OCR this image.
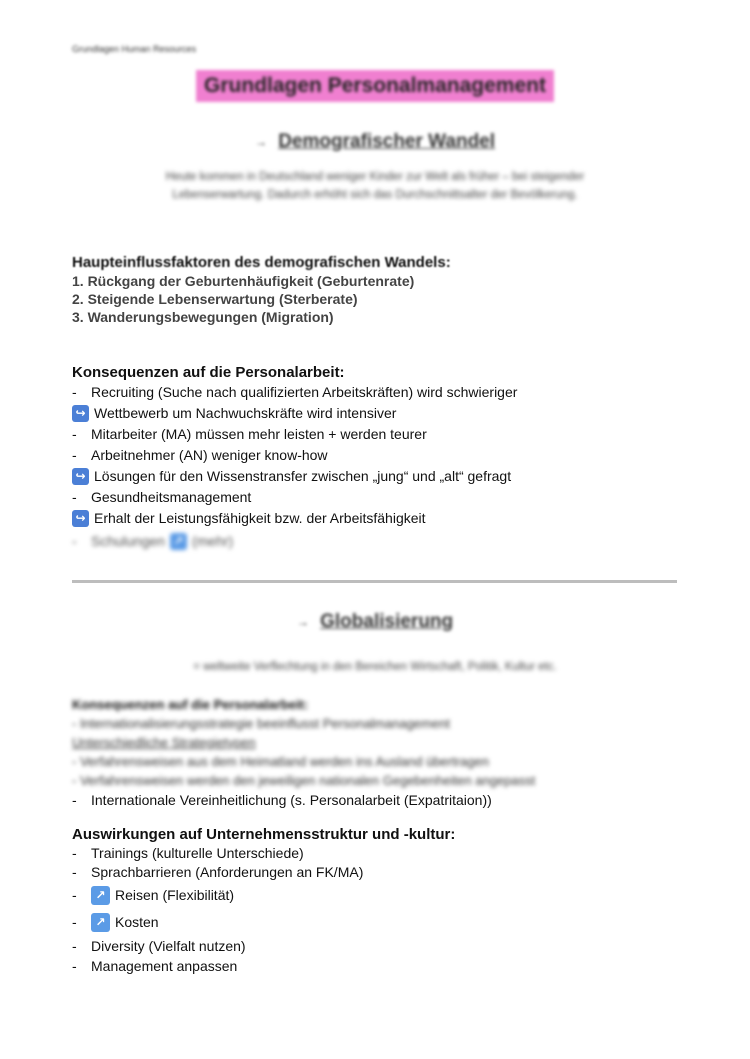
Grundlagen Human Resources
Grundlagen Personalmanagement
→ Demografischer Wandel
Heute kommen in Deutschland weniger Kinder zur Welt als früher – bei steigender
Lebenserwartung. Dadurch erhöht sich das Durchschnittsalter der Bevölkerung.
Haupteinflussfaktoren des demografischen Wandels:
1. Rückgang der Geburtenhäufigkeit (Geburtenrate)
2. Steigende Lebenserwartung (Sterberate)
3. Wanderungsbewegungen (Migration)
Konsequenzen auf die Personalarbeit:
-	Recruiting (Suche nach qualifizierten Arbeitskräften) wird schwieriger
↪ Wettbewerb um Nachwuchskräfte wird intensiver
-	Mitarbeiter (MA) müssen mehr leisten + werden teurer
-	Arbeitnehmer (AN) weniger know-how
↪ Lösungen für den Wissenstransfer zwischen „jung“ und „alt“ gefragt
-	Gesundheitsmanagement
↪ Erhalt der Leistungsfähigkeit bzw. der Arbeitsfähigkeit
-	Schulungen ↗ (mehr)
→ Globalisierung
= weltweite Verflechtung in den Bereichen Wirtschaft, Politik, Kultur etc.
Konsequenzen auf die Personalarbeit:
- Internationalisierungsstrategie beeinflusst Personalmanagement
Unterschiedliche Strategietypen
- Verfahrensweisen aus dem Heimatland werden ins Ausland übertragen
- Verfahrensweisen werden den jeweiligen nationalen Gegebenheiten angepasst
-	Internationale Vereinheitlichung (s. Personalarbeit (Expatritaion))
Auswirkungen auf Unternehmensstruktur und -kultur:
-	Trainings (kulturelle Unterschiede)
-	Sprachbarrieren (Anforderungen an FK/MA)
-	↗ Reisen (Flexibilität)
-	↗ Kosten
-	Diversity (Vielfalt nutzen)
-	Management anpassen
